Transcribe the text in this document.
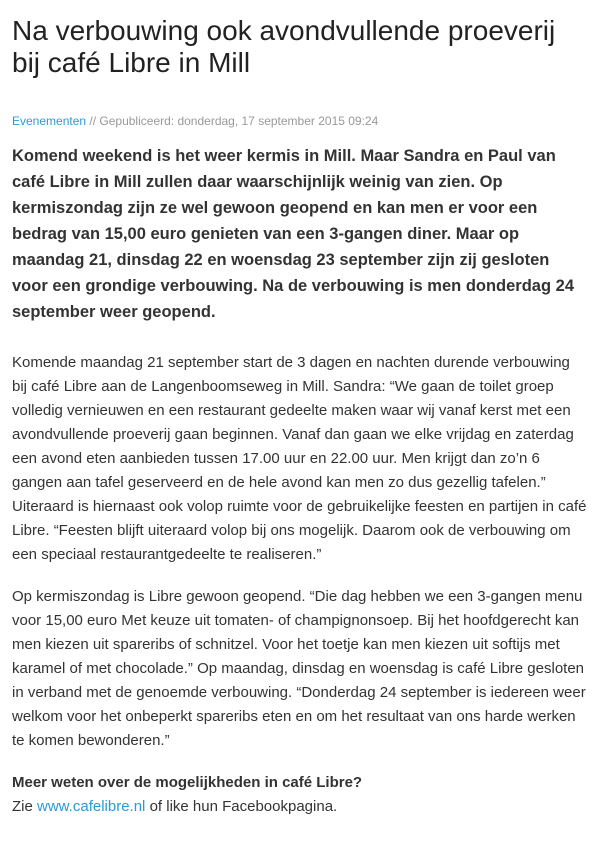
Na verbouwing ook avondvullende proeverij bij café Libre in Mill
Evenementen // Gepubliceerd: donderdag, 17 september 2015 09:24

Komend weekend is het weer kermis in Mill. Maar Sandra en Paul van café Libre in Mill zullen daar waarschijnlijk weinig van zien. Op kermiszondag zijn ze wel gewoon geopend en kan men er voor een bedrag van 15,00 euro genieten van een 3-gangen diner. Maar op maandag 21, dinsdag 22 en woensdag 23 september zijn zij gesloten voor een grondige verbouwing. Na de verbouwing is men donderdag 24 september weer geopend.

Komende maandag 21 september start de 3 dagen en nachten durende verbouwing bij café Libre aan de Langenboomseweg in Mill. Sandra: “We gaan de toilet groep volledig vernieuwen en een restaurant gedeelte maken waar wij vanaf kerst met een avondvullende proeverij gaan beginnen. Vanaf dan gaan we elke vrijdag en zaterdag een avond eten aanbieden tussen 17.00 uur en 22.00 uur. Men krijgt dan zo’n 6 gangen aan tafel geserveerd en de hele avond kan men zo dus gezellig tafelen.” Uiteraard is hiernaast ook volop ruimte voor de gebruikelijke feesten en partijen in café Libre. “Feesten blijft uiteraard volop bij ons mogelijk. Daarom ook de verbouwing om een speciaal restaurantgedeelte te realiseren.”

Op kermiszondag is Libre gewoon geopend. “Die dag hebben we een 3-gangen menu voor 15,00 euro Met keuze uit tomaten- of champignonsoep. Bij het hoofdgerecht kan men kiezen uit spareribs of schnitzel. Voor het toetje kan men kiezen uit softijs met karamel of met chocolade.” Op maandag, dinsdag en woensdag is café Libre gesloten in verband met de genoemde verbouwing. “Donderdag 24 september is iedereen weer welkom voor het onbeperkt spareribs eten en om het resultaat van ons harde werken te komen bewonderen.”

Meer weten over de mogelijkheden in café Libre?

Zie www.cafelibre.nl of like hun Facebookpagina.
